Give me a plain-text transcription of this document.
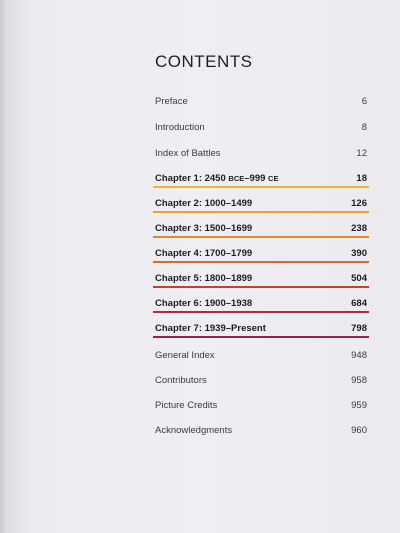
CONTENTS
Preface	6
Introduction	8
Index of Battles	12
Chapter 1: 2450 BCE–999 CE	18
Chapter 2: 1000–1499	126
Chapter 3: 1500–1699	238
Chapter 4: 1700–1799	390
Chapter 5: 1800–1899	504
Chapter 6: 1900–1938	684
Chapter 7: 1939–Present	798
General Index	948
Contributors	958
Picture Credits	959
Acknowledgments	960
